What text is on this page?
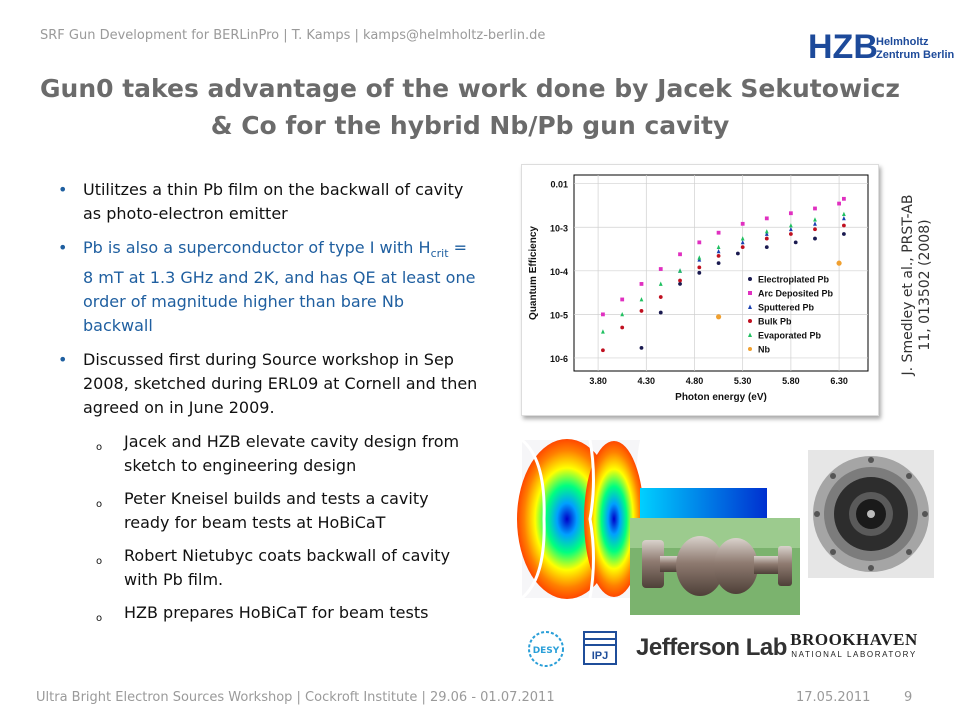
SRF Gun Development for BERLinPro | T. Kamps | kamps@helmholtz-berlin.de	HZB
Helmholtz
Zentrum Berlin
Gun0 takes advantage of the work done by Jacek Sekutowicz
& Co for the hybrid Nb/Pb gun cavity
• Utilitzes a thin Pb film on the backwall of cavity as photo-electron emitter
• Pb is also a superconductor of type I with $H_{crit} = 8$ mT at 1.3 GHz and 2K, and has QE at least one order of magnitude higher than bare Nb backwall
• Discussed first during Source workshop in Sep 2008, sketched during ERL09 at Cornell and then agreed on in June 2009.
o Jacek and HZB elevate cavity design from sketch to engineering design
o Peter Kneisel builds and tests a cavity ready for beam tests at HoBiCaT
o Robert Nietubyc coats backwall of cavity with Pb film.
o HZB prepares HoBiCaT for beam tests
0.01
10-3
10-4
10-5
10-6
3.80	4.30	4.80	5.30	5.80	6.30
Photon energy (eV)
Quantum Efficiency	Electroplated Pb
Arc Deposited Pb
Sputtered Pb
Bulk Pb
Evaporated Pb
Nb	J. Smedley et al., PRST-AB 11, 013502 (2008)
DESY	IPJ Jefferson Lab BROOKHAVEN
NATIONAL LABORATORY
Ultra Bright Electron Sources Workshop | Cockroft Institute | 29.06 - 01.07.2011	17.05.2011	9
